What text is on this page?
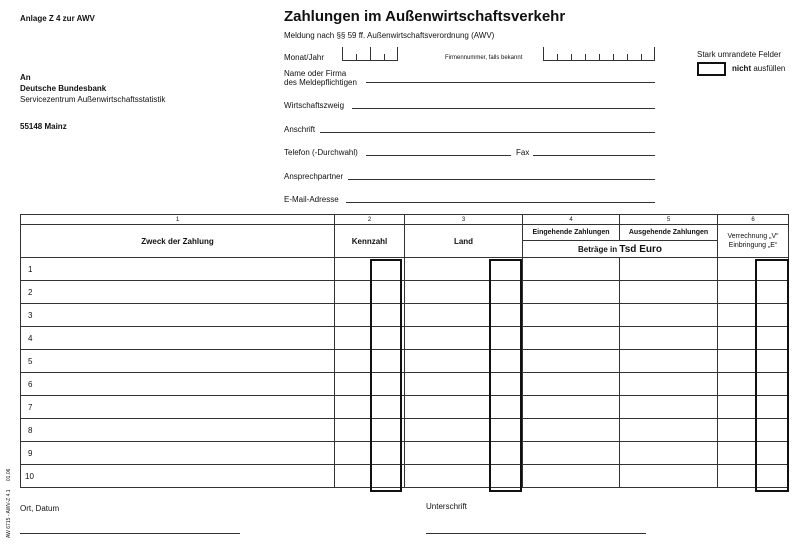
Anlage Z 4 zur AWV	Zahlungen im Außenwirtschaftsverkehr
Meldung nach §§ 59 ff. Außenwirtschaftsverordnung (AWV)
An
Deutsche Bundesbank
Servicezentrum Außenwirtschaftsstatistik
55148 Mainz
Stark umrandete Felder
nicht ausfüllen
Monat/Jahr	Firmennummer, falls bekannt
Name oder Firma
des Meldepflichtigen
Wirtschaftszweig
Anschrift
Telefon (-Durchwahl)	Fax
Ansprechpartner
E-Mail-Adresse
1	2	3	4	5	6
Zweck der Zahlung	Kennzahl	Land	Eingehende Zahlungen	Ausgehende Zahlungen	Verrechnung „V“
Einbringung „E“

			Beträge in Tsd Euro		
1					
2					
3					
4					
5					
6					
7					
8					
9					
10					
AW 6715 - AWV-Z 4.1      01.06
Ort, Datum	Unterschrift
